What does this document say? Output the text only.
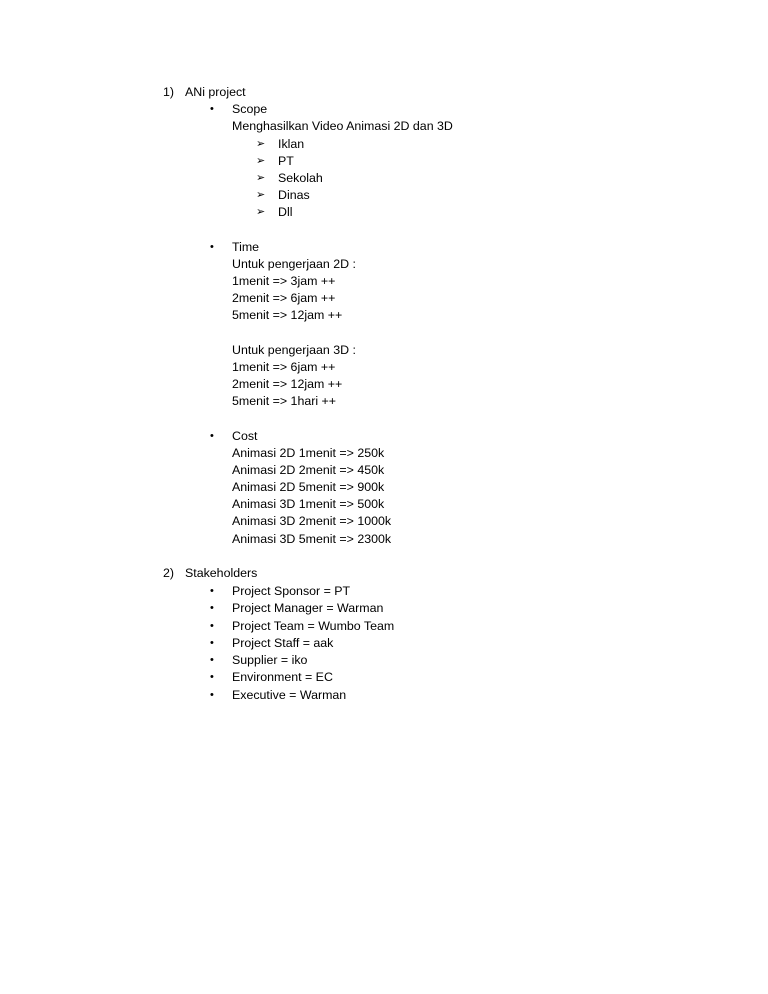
1) ANi project
• Scope
Menghasilkan Video Animasi 2D dan 3D
➢ Iklan
➢ PT
➢ Sekolah
➢ Dinas
➢ Dll
• Time
Untuk pengerjaan 2D :
1menit => 3jam ++
2menit => 6jam ++
5menit => 12jam ++
Untuk pengerjaan 3D :
1menit => 6jam ++
2menit => 12jam ++
5menit => 1hari ++
• Cost
Animasi 2D 1menit => 250k
Animasi 2D 2menit => 450k
Animasi 2D 5menit => 900k
Animasi 3D 1menit => 500k
Animasi 3D 2menit => 1000k
Animasi 3D 5menit => 2300k
2) Stakeholders
• Project Sponsor = PT
• Project Manager = Warman
• Project Team = Wumbo Team
• Project Staff = aak
• Supplier = iko
• Environment = EC
• Executive = Warman
